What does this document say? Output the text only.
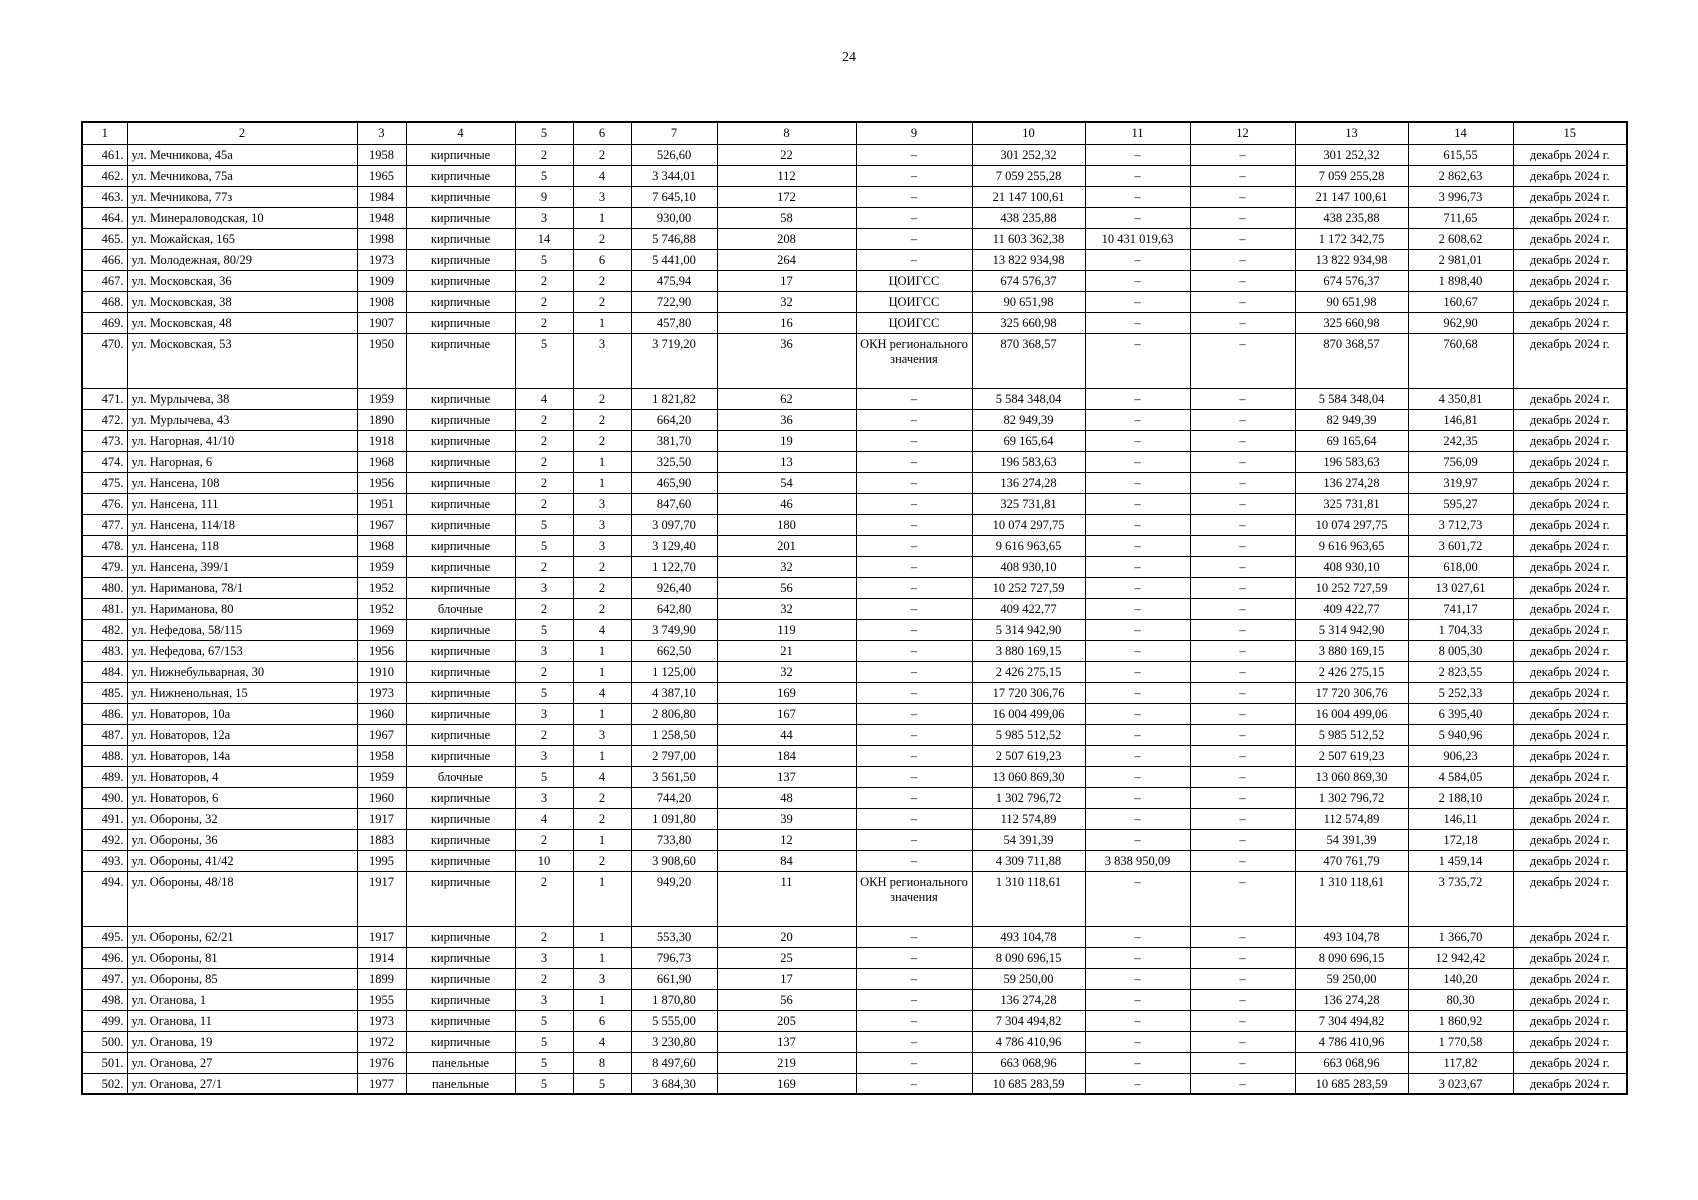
24
1	2	3	4	5	6	7	8	9	10	11	12	13	14	15
461.	ул. Мечникова, 45а	1958	кирпичные	2	2	526,60	22	–	301 252,32	–	–	301 252,32	615,55	декабрь 2024 г.
462.	ул. Мечникова, 75а	1965	кирпичные	5	4	3 344,01	112	–	7 059 255,28	–	–	7 059 255,28	2 862,63	декабрь 2024 г.
463.	ул. Мечникова, 77з	1984	кирпичные	9	3	7 645,10	172	–	21 147 100,61	–	–	21 147 100,61	3 996,73	декабрь 2024 г.
464.	ул. Минераловодская, 10	1948	кирпичные	3	1	930,00	58	–	438 235,88	–	–	438 235,88	711,65	декабрь 2024 г.
465.	ул. Можайская, 165	1998	кирпичные	14	2	5 746,88	208	–	11 603 362,38	10 431 019,63	–	1 172 342,75	2 608,62	декабрь 2024 г.
466.	ул. Молодежная, 80/29	1973	кирпичные	5	6	5 441,00	264	–	13 822 934,98	–	–	13 822 934,98	2 981,01	декабрь 2024 г.
467.	ул. Московская, 36	1909	кирпичные	2	2	475,94	17	ЦОИГСС	674 576,37	–	–	674 576,37	1 898,40	декабрь 2024 г.
468.	ул. Московская, 38	1908	кирпичные	2	2	722,90	32	ЦОИГСС	90 651,98	–	–	90 651,98	160,67	декабрь 2024 г.
469.	ул. Московская, 48	1907	кирпичные	2	1	457,80	16	ЦОИГСС	325 660,98	–	–	325 660,98	962,90	декабрь 2024 г.
470.	ул. Московская, 53	1950	кирпичные	5	3	3 719,20	36	ОКН регионального значения	870 368,57	–	–	870 368,57	760,68	декабрь 2024 г.
471.	ул. Мурлычева, 38	1959	кирпичные	4	2	1 821,82	62	–	5 584 348,04	–	–	5 584 348,04	4 350,81	декабрь 2024 г.
472.	ул. Мурлычева, 43	1890	кирпичные	2	2	664,20	36	–	82 949,39	–	–	82 949,39	146,81	декабрь 2024 г.
473.	ул. Нагорная, 41/10	1918	кирпичные	2	2	381,70	19	–	69 165,64	–	–	69 165,64	242,35	декабрь 2024 г.
474.	ул. Нагорная, 6	1968	кирпичные	2	1	325,50	13	–	196 583,63	–	–	196 583,63	756,09	декабрь 2024 г.
475.	ул. Нансена, 108	1956	кирпичные	2	1	465,90	54	–	136 274,28	–	–	136 274,28	319,97	декабрь 2024 г.
476.	ул. Нансена, 111	1951	кирпичные	2	3	847,60	46	–	325 731,81	–	–	325 731,81	595,27	декабрь 2024 г.
477.	ул. Нансена, 114/18	1967	кирпичные	5	3	3 097,70	180	–	10 074 297,75	–	–	10 074 297,75	3 712,73	декабрь 2024 г.
478.	ул. Нансена, 118	1968	кирпичные	5	3	3 129,40	201	–	9 616 963,65	–	–	9 616 963,65	3 601,72	декабрь 2024 г.
479.	ул. Нансена, 399/1	1959	кирпичные	2	2	1 122,70	32	–	408 930,10	–	–	408 930,10	618,00	декабрь 2024 г.
480.	ул. Нариманова, 78/1	1952	кирпичные	3	2	926,40	56	–	10 252 727,59	–	–	10 252 727,59	13 027,61	декабрь 2024 г.
481.	ул. Нариманова, 80	1952	блочные	2	2	642,80	32	–	409 422,77	–	–	409 422,77	741,17	декабрь 2024 г.
482.	ул. Нефедова, 58/115	1969	кирпичные	5	4	3 749,90	119	–	5 314 942,90	–	–	5 314 942,90	1 704,33	декабрь 2024 г.
483.	ул. Нефедова, 67/153	1956	кирпичные	3	1	662,50	21	–	3 880 169,15	–	–	3 880 169,15	8 005,30	декабрь 2024 г.
484.	ул. Нижнебульварная, 30	1910	кирпичные	2	1	1 125,00	32	–	2 426 275,15	–	–	2 426 275,15	2 823,55	декабрь 2024 г.
485.	ул. Нижненольная, 15	1973	кирпичные	5	4	4 387,10	169	–	17 720 306,76	–	–	17 720 306,76	5 252,33	декабрь 2024 г.
486.	ул. Новаторов, 10а	1960	кирпичные	3	1	2 806,80	167	–	16 004 499,06	–	–	16 004 499,06	6 395,40	декабрь 2024 г.
487.	ул. Новаторов, 12а	1967	кирпичные	2	3	1 258,50	44	–	5 985 512,52	–	–	5 985 512,52	5 940,96	декабрь 2024 г.
488.	ул. Новаторов, 14а	1958	кирпичные	3	1	2 797,00	184	–	2 507 619,23	–	–	2 507 619,23	906,23	декабрь 2024 г.
489.	ул. Новаторов, 4	1959	блочные	5	4	3 561,50	137	–	13 060 869,30	–	–	13 060 869,30	4 584,05	декабрь 2024 г.
490.	ул. Новаторов, 6	1960	кирпичные	3	2	744,20	48	–	1 302 796,72	–	–	1 302 796,72	2 188,10	декабрь 2024 г.
491.	ул. Обороны, 32	1917	кирпичные	4	2	1 091,80	39	–	112 574,89	–	–	112 574,89	146,11	декабрь 2024 г.
492.	ул. Обороны, 36	1883	кирпичные	2	1	733,80	12	–	54 391,39	–	–	54 391,39	172,18	декабрь 2024 г.
493.	ул. Обороны, 41/42	1995	кирпичные	10	2	3 908,60	84	–	4 309 711,88	3 838 950,09	–	470 761,79	1 459,14	декабрь 2024 г.
494.	ул. Обороны, 48/18	1917	кирпичные	2	1	949,20	11	ОКН регионального значения	1 310 118,61	–	–	1 310 118,61	3 735,72	декабрь 2024 г.
495.	ул. Обороны, 62/21	1917	кирпичные	2	1	553,30	20	–	493 104,78	–	–	493 104,78	1 366,70	декабрь 2024 г.
496.	ул. Обороны, 81	1914	кирпичные	3	1	796,73	25	–	8 090 696,15	–	–	8 090 696,15	12 942,42	декабрь 2024 г.
497.	ул. Обороны, 85	1899	кирпичные	2	3	661,90	17	–	59 250,00	–	–	59 250,00	140,20	декабрь 2024 г.
498.	ул. Оганова, 1	1955	кирпичные	3	1	1 870,80	56	–	136 274,28	–	–	136 274,28	80,30	декабрь 2024 г.
499.	ул. Оганова, 11	1973	кирпичные	5	6	5 555,00	205	–	7 304 494,82	–	–	7 304 494,82	1 860,92	декабрь 2024 г.
500.	ул. Оганова, 19	1972	кирпичные	5	4	3 230,80	137	–	4 786 410,96	–	–	4 786 410,96	1 770,58	декабрь 2024 г.
501.	ул. Оганова, 27	1976	панельные	5	8	8 497,60	219	–	663 068,96	–	–	663 068,96	117,82	декабрь 2024 г.
502.	ул. Оганова, 27/1	1977	панельные	5	5	3 684,30	169	–	10 685 283,59	–	–	10 685 283,59	3 023,67	декабрь 2024 г.
